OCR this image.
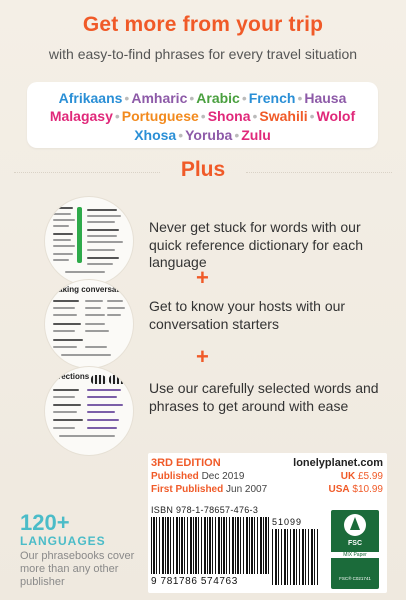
Get more from your trip
with easy-to-find phrases for every travel situation
Afrikaans • Amharic • Arabic • French • Hausa
Malagasy • Portuguese • Shona • Swahili • Wolof
Xhosa • Yoruba • Zulu
Plus
making conversation
directions
Never get stuck for words with our quick reference dictionary for each language
+
Get to know your hosts with our conversation starters
+
Use our carefully selected words and phrases to get around with ease
120+
LANGUAGES
Our phrasebooks cover more than any other publisher
3RD EDITION
Published Dec 2019
First Published Jun 2007
lonelyplanet.com
UK £5.99
USA $10.99
ISBN 978-1-78657-476-3
9 781786 574763
51099
FSC
MIX Paper
FSC® C021741
